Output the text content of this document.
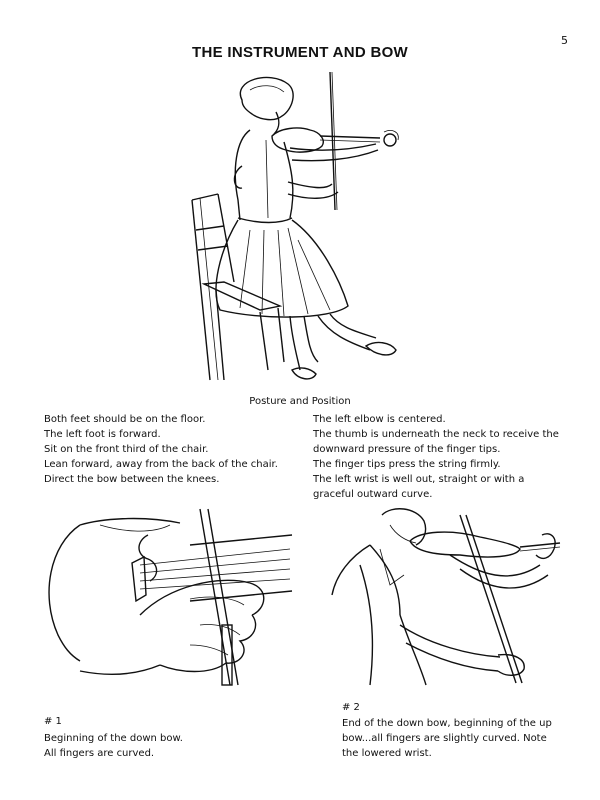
5
THE INSTRUMENT AND BOW
Posture and Position

Both feet should be on the floor.

The left foot is forward.

Sit on the front third of the chair.

Lean forward, away from the back of the chair.

Direct the bow between the knees.

The left elbow is centered.

The thumb is underneath the neck to receive the

downward pressure of the finger tips.

The finger tips press the string firmly.

The left wrist is well out, straight or with a

graceful outward curve.

# 1

Beginning of the down bow.

All fingers are curved.

# 2

End of the down bow, beginning of the up

bow...all fingers are slightly curved. Note

the lowered wrist.
